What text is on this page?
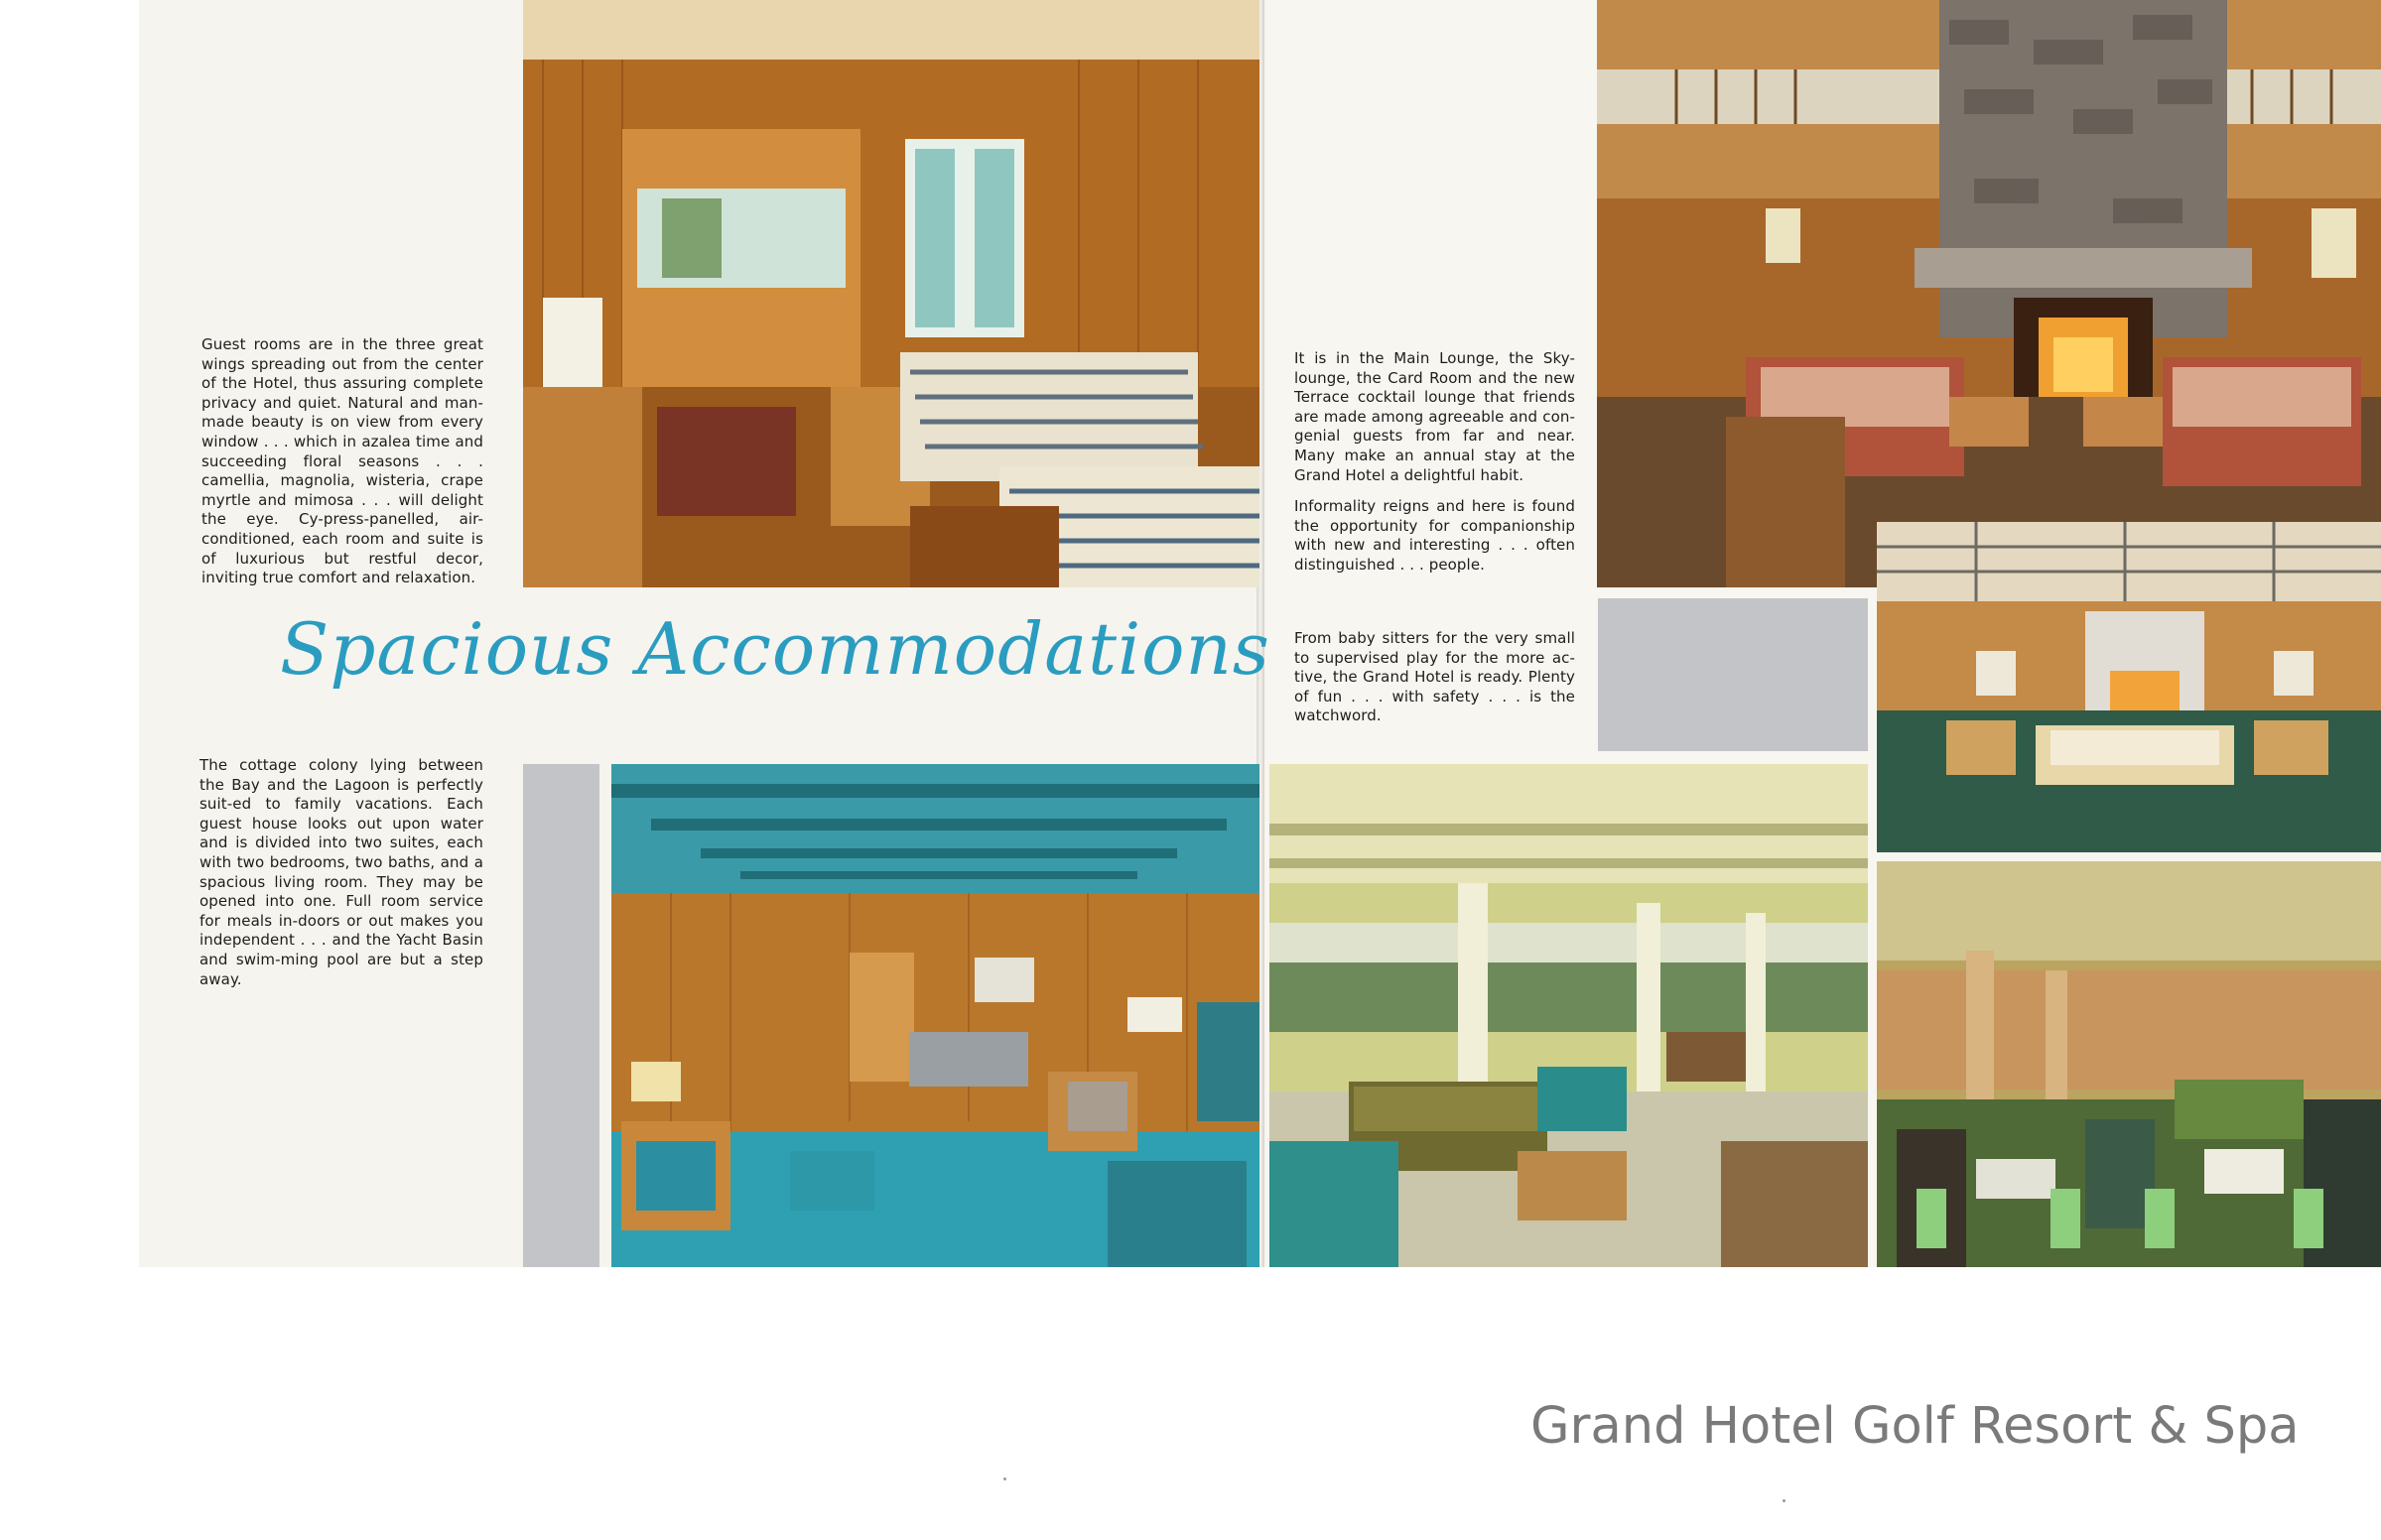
Guest rooms are in the three great wings spreading out from the center of the Hotel, thus assuring complete privacy and quiet. Natural and man-made beauty is on view from every window . . . which in azalea time and succeeding floral seasons . . . camellia, magnolia, wisteria, crape myrtle and mimosa . . . will delight the eye. Cy-press-panelled, air-conditioned, each room and suite is of luxurious but restful decor, inviting true comfort and relaxation.

Spacious Accommodations

The cottage colony lying between the Bay and the Lagoon is perfectly suit-ed to family vacations. Each guest house looks out upon water and is divided into two suites, each with two bedrooms, two baths, and a spacious living room. They may be opened into one. Full room service for meals in-doors or out makes you independent . . . and the Yacht Basin and swim-ming pool are but a step away.

It is in the Main Lounge, the Sky-lounge, the Card Room and the new Terrace cocktail lounge that friends are made among agreeable and con-genial guests from far and near. Many make an annual stay at the Grand Hotel a delightful habit.

Informality reigns and here is found the opportunity for companionship with new and interesting . . . often distinguished . . . people.

From baby sitters for the very small to supervised play for the more ac-tive, the Grand Hotel is ready. Plenty of fun . . . with safety . . . is the watchword.

Grand Hotel Golf Resort & Spa
